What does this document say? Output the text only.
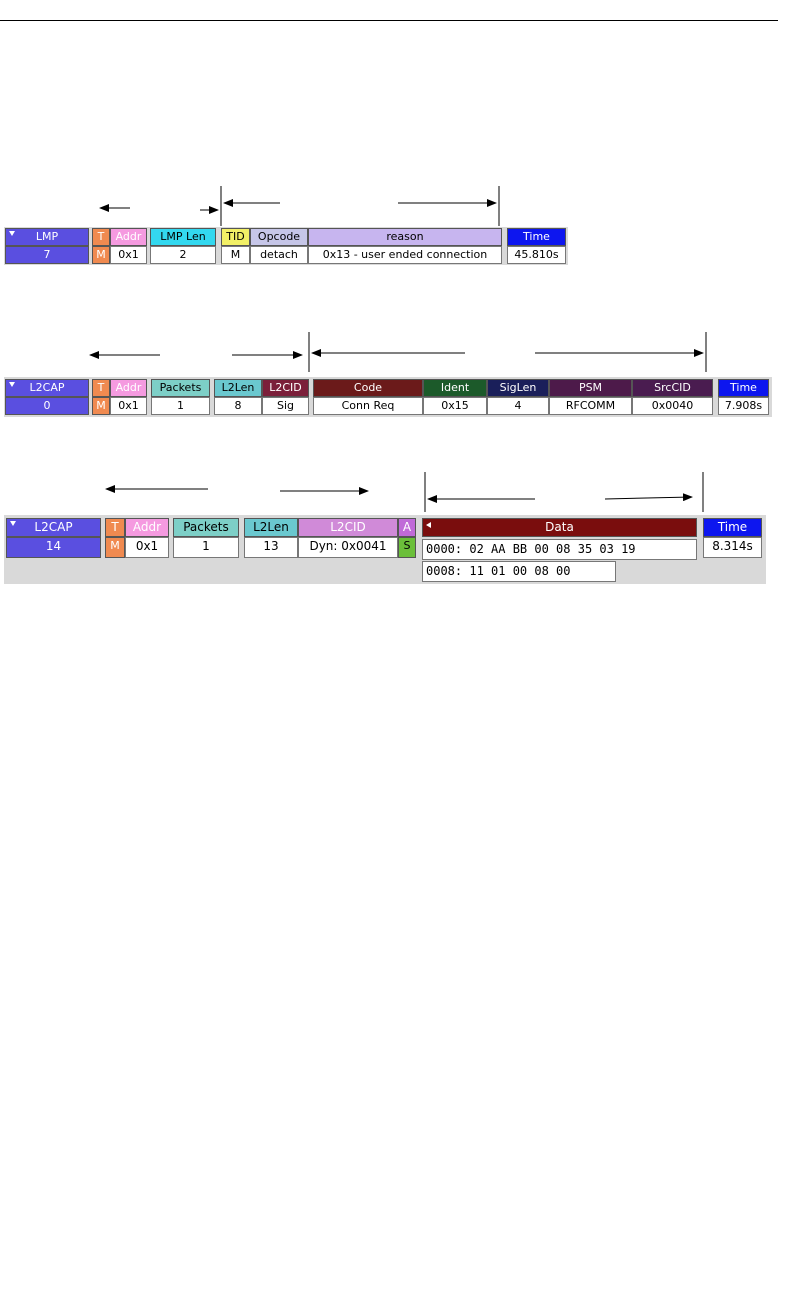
LMP
7
T
M
Addr
0x1
LMP Len
2
TID
M
Opcode
detach
reason
0x13 - user ended connection
Time
45.810s
L2CAP
0
T
M
Addr
0x1
Packets
1
L2Len
8
L2CID
Sig
Code
Conn Req
Ident
0x15
SigLen
4
PSM
RFCOMM
SrcCID
0x0040
Time
7.908s
L2CAP
14
T
M
Addr
0x1
Packets
1
L2Len
13
L2CID
Dyn: 0x0041
A
S
Data
0000: 02 AA BB 00 08 35 03 19
0008: 11 01 00 08 00
Time
8.314s
